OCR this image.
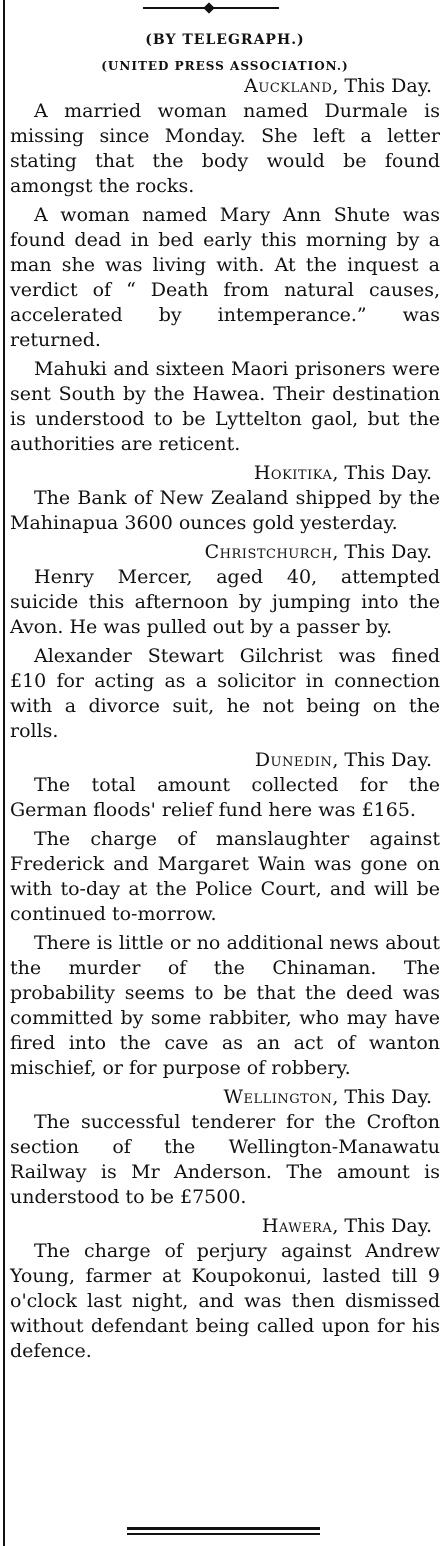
(BY TELEGRAPH.)
(UNITED PRESS ASSOCIATION.)
Auckland, This Day.

A married woman named Durmale is missing since Monday. She left a letter stating that the body would be found amongst the rocks.

A woman named Mary Ann Shute was found dead in bed early this morning by a man she was living with. At the inquest a verdict of “ Death from natural causes, accelerated by intemperance.” was returned.

Mahuki and sixteen Maori prisoners were sent South by the Hawea. Their destination is understood to be Lyttelton gaol, but the authorities are reticent.

Hokitika, This Day.

The Bank of New Zealand shipped by the Mahinapua 3600 ounces gold yesterday.

Christchurch, This Day.

Henry Mercer, aged 40, attempted suicide this afternoon by jumping into the Avon. He was pulled out by a passer by.

Alexander Stewart Gilchrist was fined £10 for acting as a solicitor in connection with a divorce suit, he not being on the rolls.

Dunedin, This Day.

The total amount collected for the German floods' relief fund here was £165.

The charge of manslaughter against Frederick and Margaret Wain was gone on with to-day at the Police Court, and will be continued to-morrow.

There is little or no additional news about the murder of the Chinaman. The probability seems to be that the deed was committed by some rabbiter, who may have fired into the cave as an act of wanton mischief, or for purpose of robbery.

Wellington, This Day.

The successful tenderer for the Crofton section of the Wellington-Manawatu Railway is Mr Anderson. The amount is understood to be £7500.

Hawera, This Day.

The charge of perjury against Andrew Young, farmer at Koupokonui, lasted till 9 o'clock last night, and was then dismissed without defendant being called upon for his defence.
